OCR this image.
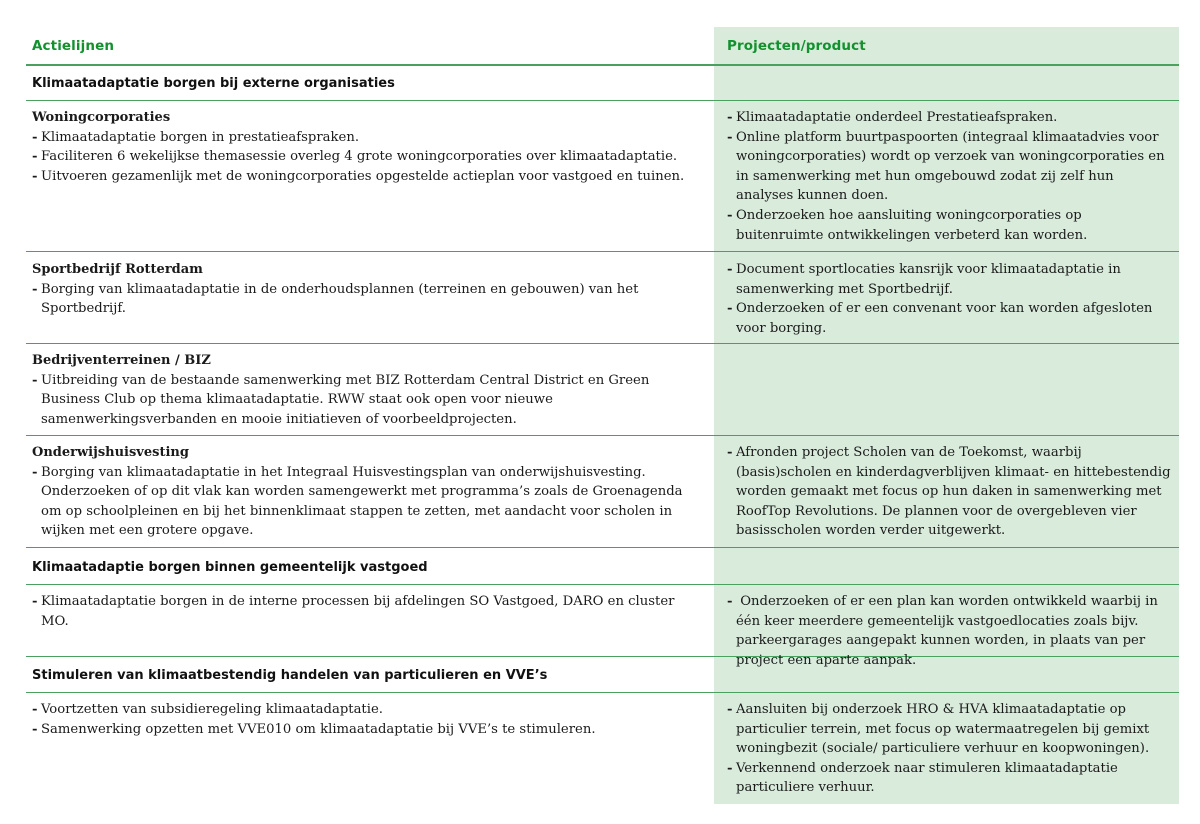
Actielijnen	Projecten/product
Klimaatadaptatie borgen bij externe organisaties
Woningcorporaties
- Klimaatadaptatie borgen in prestatieafspraken.
- Faciliteren 6 wekelijkse themasessie overleg 4 grote woningcorporaties over klimaatadaptatie.
- Uitvoeren gezamenlijk met de woningcorporaties opgestelde actieplan voor vastgoed en tuinen.
- Klimaatadaptatie onderdeel Prestatieafspraken.
- Online platform buurtpaspoorten (integraal klimaatadvies voor woningcorporaties) wordt op verzoek van woningcorporaties en in samenwerking met hun omgebouwd zodat zij zelf hun analyses kunnen doen.
- Onderzoeken hoe aansluiting woningcorporaties op buitenruimte ontwikkelingen verbeterd kan worden.
Sportbedrijf Rotterdam
- Borging van klimaatadaptatie in de onderhoudsplannen (terreinen en gebouwen) van het Sportbedrijf.
- Document sportlocaties kansrijk voor klimaatadaptatie in samenwerking met Sportbedrijf.
- Onderzoeken of er een convenant voor kan worden afgesloten voor borging.
Bedrijventerreinen / BIZ
- Uitbreiding van de bestaande samenwerking met BIZ Rotterdam Central District en Green Business Club op thema klimaatadaptatie. RWW staat ook open voor nieuwe samenwerkingsverbanden en mooie initiatieven of voorbeeldprojecten.
Onderwijshuisvesting
- Borging van klimaatadaptatie in het Integraal Huisvestingsplan van onderwijshuisvesting. Onderzoeken of op dit vlak kan worden samengewerkt met programma’s zoals de Groenagenda om op schoolpleinen en bij het binnenklimaat stappen te zetten, met aandacht voor scholen in wijken met een grotere opgave.
- Afronden project Scholen van de Toekomst, waarbij (basis)scholen en kinderdagverblijven klimaat- en hittebestendig worden gemaakt met focus op hun daken in samenwerking met RoofTop Revolutions. De plannen voor de overgebleven vier basisscholen worden verder uitgewerkt.
Klimaatadaptie borgen binnen gemeentelijk vastgoed
- Klimaatadaptatie borgen in de interne processen bij afdelingen SO Vastgoed, DARO en cluster MO.
-  Onderzoeken of er een plan kan worden ontwikkeld waarbij in één keer meerdere gemeentelijk vastgoedlocaties zoals bijv. parkeergarages aangepakt kunnen worden, in plaats van per project een aparte aanpak.
Stimuleren van klimaatbestendig handelen van particulieren en VVE’s
- Voortzetten van subsidieregeling klimaatadaptatie.
- Samenwerking opzetten met VVE010 om klimaatadaptatie bij VVE’s te stimuleren.
- Aansluiten bij onderzoek HRO & HVA klimaatadaptatie op particulier terrein, met focus op watermaatregelen bij gemixt woningbezit (sociale/ particuliere verhuur en koopwoningen).
- Verkennend onderzoek naar stimuleren klimaatadaptatie particuliere verhuur.
